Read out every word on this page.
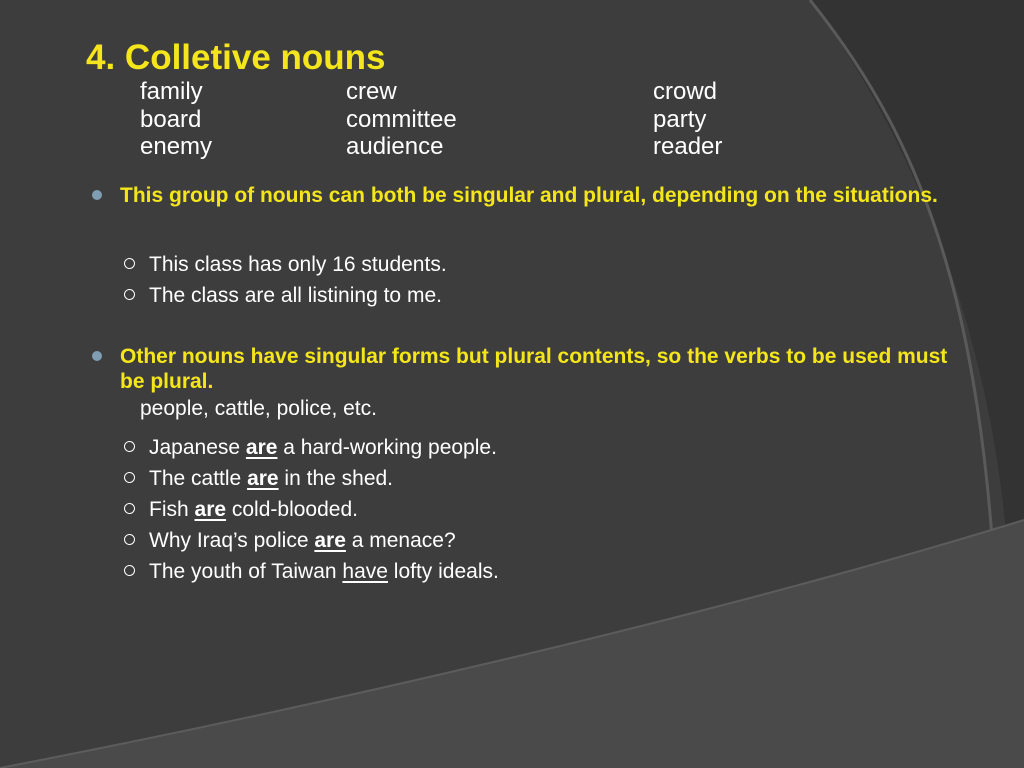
4. Colletive nouns
family	crew	crowd
board	committee	party
enemy	audience	reader
This group of nouns can both be singular and plural, depending on the situations.
This class has only 16 students.
The class are all listining to me.
Other nouns have singular forms but plural contents, so the verbs to be used must be plural.
people, cattle, police, etc.
Japanese are a hard-working people.
The cattle are in the shed.
Fish are cold-blooded.
Why Iraq’s police are a menace?
The youth of Taiwan have lofty ideals.
